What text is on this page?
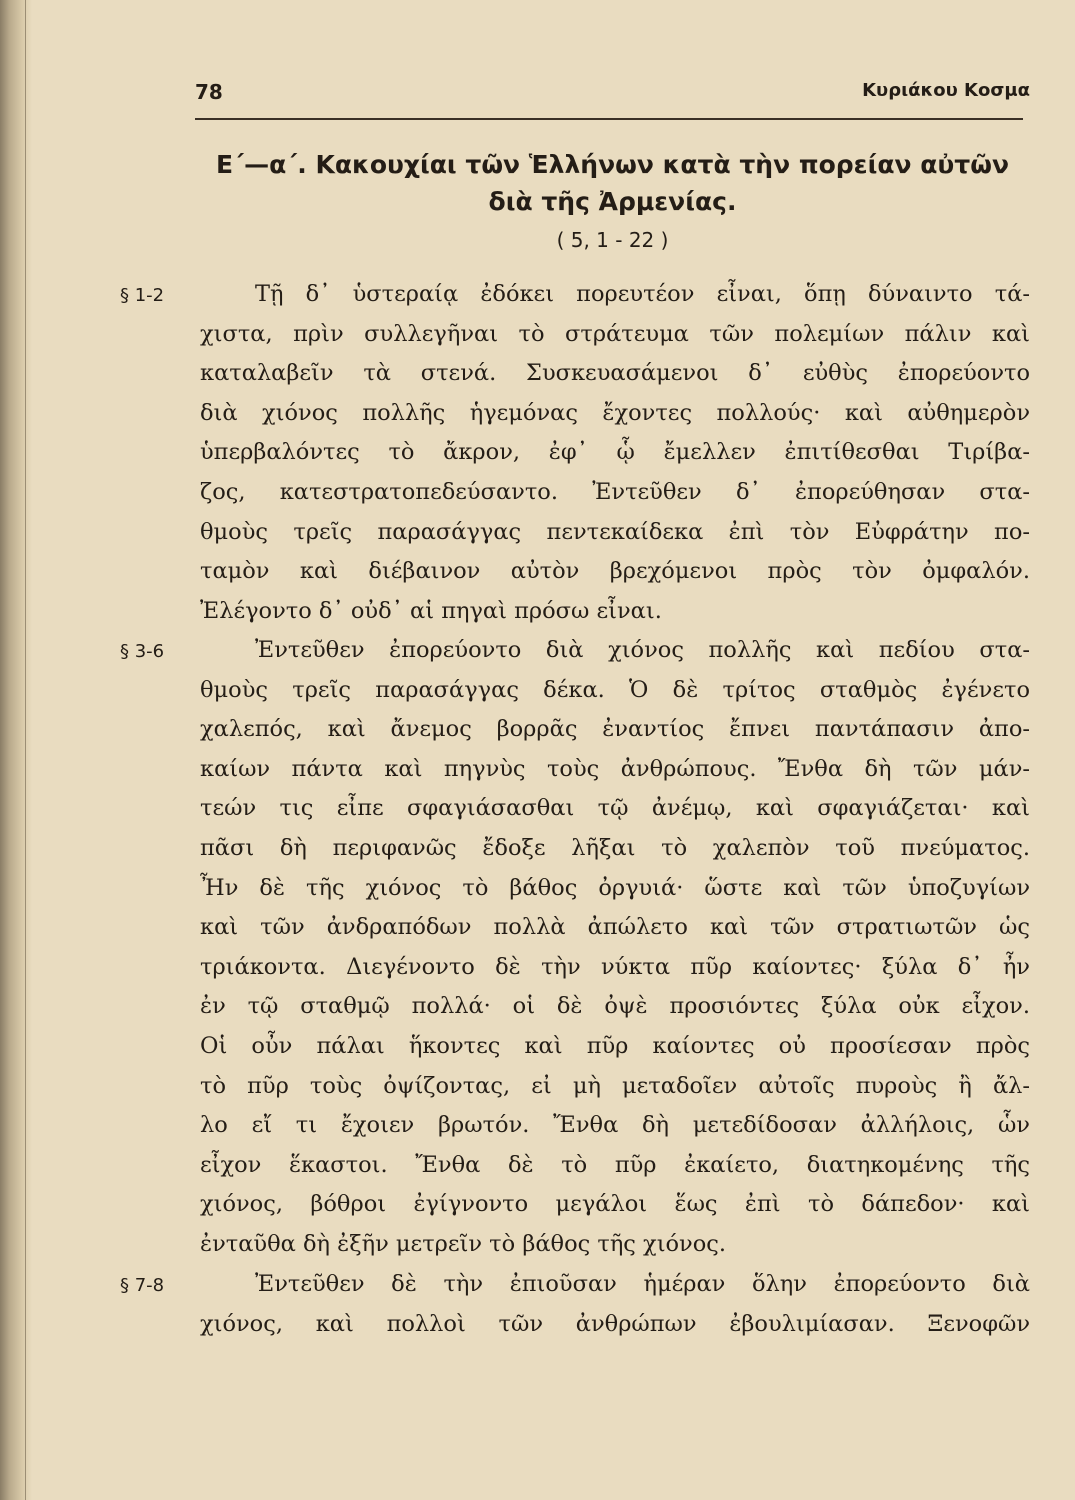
78	Κυριάκου Κοσμα
Ε΄—α΄. Κακουχίαι τῶν Ἑλλήνων κατὰ τὴν πορείαν αὐτῶν
διὰ τῆς Ἀρμενίας.
( 5, 1 - 22 )
§ 1-2	Τῇ δ᾽ ὑστεραίᾳ ἐδόκει πορευτέον εἶναι, ὅπῃ δύναιντο τά-
χιστα, πρὶν συλλεγῆναι τὸ στράτευμα τῶν πολεμίων πάλιν καὶ
καταλαβεῖν τὰ στενά. Συσκευασάμενοι δ᾽ εὐθὺς ἐπορεύοντο
διὰ χιόνος πολλῆς ἡγεμόνας ἔχοντες πολλούς· καὶ αὐθημερὸν
ὑπερβαλόντες τὸ ἄκρον, ἐφ᾽ ᾧ ἔμελλεν ἐπιτίθεσθαι Τιρίβα-
ζος, κατεστρατοπεδεύσαντο. Ἐντεῦθεν δ᾽ ἐπορεύθησαν στα-
θμοὺς τρεῖς παρασάγγας πεντεκαίδεκα ἐπὶ τὸν Εὐφράτην πο-
ταμὸν καὶ διέβαινον αὐτὸν βρεχόμενοι πρὸς τὸν ὀμφαλόν.
Ἐλέγοντο δ᾽ οὐδ᾽ αἱ πηγαὶ πρόσω εἶναι.
§ 3-6	Ἐντεῦθεν ἐπορεύοντο διὰ χιόνος πολλῆς καὶ πεδίου στα-
θμοὺς τρεῖς παρασάγγας δέκα. Ὁ δὲ τρίτος σταθμὸς ἐγένετο
χαλεπός, καὶ ἄνεμος βορρᾶς ἐναντίος ἔπνει παντάπασιν ἀπο-
καίων πάντα καὶ πηγνὺς τοὺς ἀνθρώπους. Ἔνθα δὴ τῶν μάν-
τεών τις εἶπε σφαγιάσασθαι τῷ ἀνέμῳ, καὶ σφαγιάζεται· καὶ
πᾶσι δὴ περιφανῶς ἔδοξε λῆξαι τὸ χαλεπὸν τοῦ πνεύματος.
Ἦν δὲ τῆς χιόνος τὸ βάθος ὀργυιά· ὥστε καὶ τῶν ὑποζυγίων
καὶ τῶν ἀνδραπόδων πολλὰ ἀπώλετο καὶ τῶν στρατιωτῶν ὡς
τριάκοντα. Διεγένοντο δὲ τὴν νύκτα πῦρ καίοντες· ξύλα δ᾽ ἦν
ἐν τῷ σταθμῷ πολλά· οἱ δὲ ὀψὲ προσιόντες ξύλα οὐκ εἶχον.
Οἱ οὖν πάλαι ἥκοντες καὶ πῦρ καίοντες οὐ προσίεσαν πρὸς
τὸ πῦρ τοὺς ὀψίζοντας, εἰ μὴ μεταδοῖεν αὐτοῖς πυροὺς ἢ ἄλ-
λο εἴ τι ἔχοιεν βρωτόν. Ἔνθα δὴ μετεδίδοσαν ἀλλήλοις, ὧν
εἶχον ἕκαστοι. Ἔνθα δὲ τὸ πῦρ ἐκαίετο, διατηκομένης τῆς
χιόνος, βόθροι ἐγίγνοντο μεγάλοι ἕως ἐπὶ τὸ δάπεδον· καὶ
ἐνταῦθα δὴ ἐξῆν μετρεῖν τὸ βάθος τῆς χιόνος.
§ 7-8	Ἐντεῦθεν δὲ τὴν ἐπιοῦσαν ἡμέραν ὅλην ἐπορεύοντο διὰ
χιόνος, καὶ πολλοὶ τῶν ἀνθρώπων ἐβουλιμίασαν. Ξενοφῶν
